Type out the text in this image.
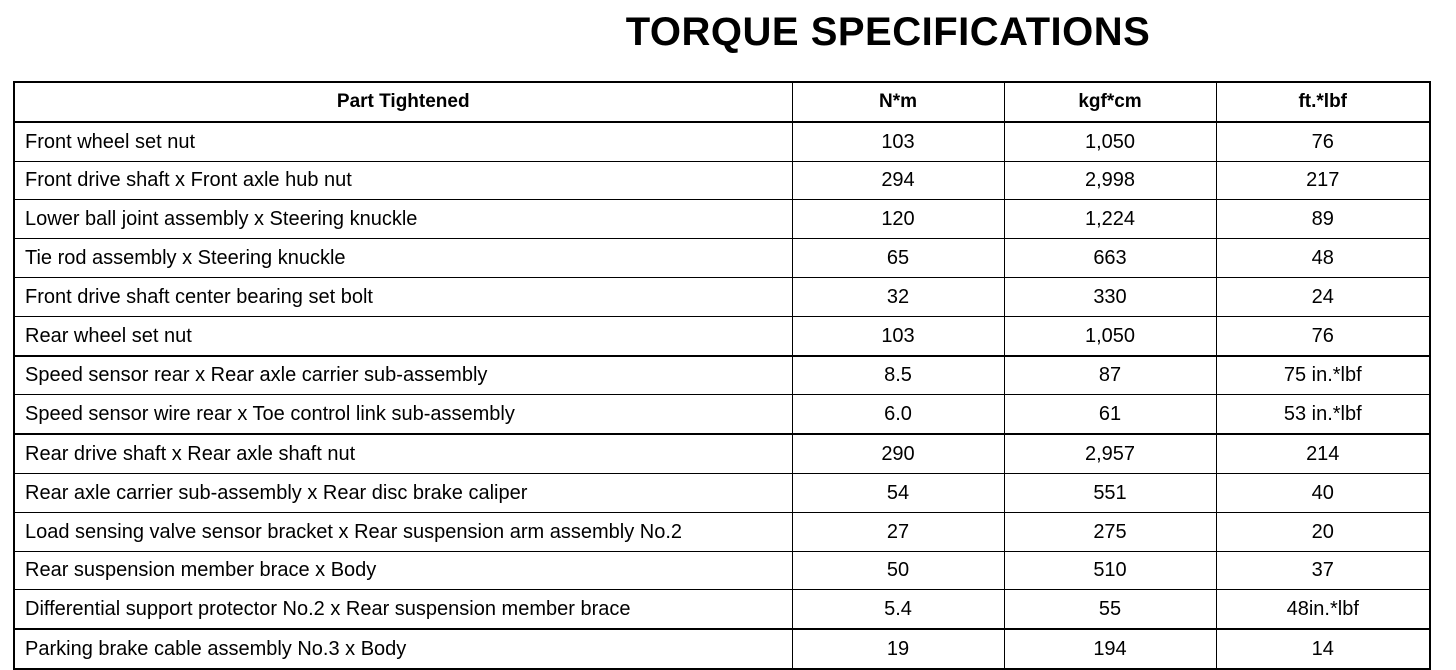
TORQUE SPECIFICATIONS
Part Tightened	N*m	kgf*cm	ft.*lbf
Front wheel set nut	103	1,050	76
Front drive shaft x Front axle hub nut	294	2,998	217
Lower ball joint assembly x Steering knuckle	120	1,224	89
Tie rod assembly x Steering knuckle	65	663	48
Front drive shaft center bearing set bolt	32	330	24
Rear wheel set nut	103	1,050	76
Speed sensor rear x Rear axle carrier sub-assembly	8.5	87	75 in.*lbf
Speed sensor wire rear x Toe control link sub-assembly	6.0	61	53 in.*lbf
Rear drive shaft x Rear axle shaft nut	290	2,957	214
Rear axle carrier sub-assembly x Rear disc brake caliper	54	551	40
Load sensing valve sensor bracket x Rear suspension arm assembly No.2	27	275	20
Rear suspension member brace x Body	50	510	37
Differential support protector No.2 x Rear suspension member brace	5.4	55	48in.*lbf
Parking brake cable assembly No.3 x Body	19	194	14
